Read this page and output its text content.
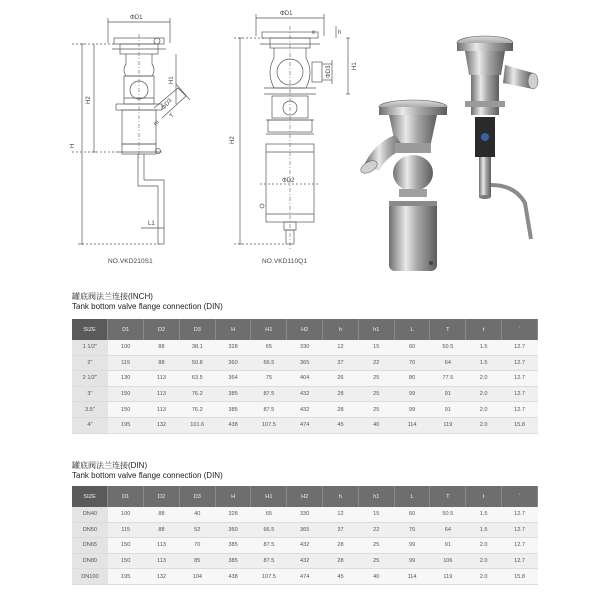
ΦD1
H
H2
H1
L1
ΦD3
T
m
NO.VKD210S1
ΦD1
H2
H1
h
e
ΦD3
ΦD2
NO.VKD110Q1
罐底阀法兰连接(INCH)
Tank bottom valve flange connection (DIN)
SIZE	D1	D2	D3	H	H1	H2	h	h1	L	T	t	`
1 1/2"	100	88	38.1	328	65	330	12	15	60	50.5	1.5	12.7
2"	115	88	50.8	360	66.5	365	37	22	70	64	1.5	12.7
2 1/2"	130	113	63.5	364	75	404	26	25	80	77.5	2.0	12.7
3"	150	113	76.2	385	87.5	432	28	25	99	91	2.0	12.7
3.5"	150	113	76.2	385	87.5	432	28	25	99	91	2.0	12.7
4"	195	132	101.6	438	107.5	474	45	40	114	119	2.0	15.8
罐底阀法兰连接(DIN)
Tank bottom valve flange connection (DIN)
SIZE	D1	D2	D3	H	H1	H2	h	h1	L	T	t	`
DN40	100	88	40	328	65	330	12	15	60	50.5	1.5	12.7
DN50	115	88	52	360	66.5	365	37	22	70	64	1.5	12.7
DN65	150	113	70	385	87.5	432	28	25	99	91	2.0	12.7
DN80	150	113	85	385	87.5	432	28	25	99	106	2.0	12.7
DN100	195	132	104	438	107.5	474	45	40	114	119	2.0	15.8
